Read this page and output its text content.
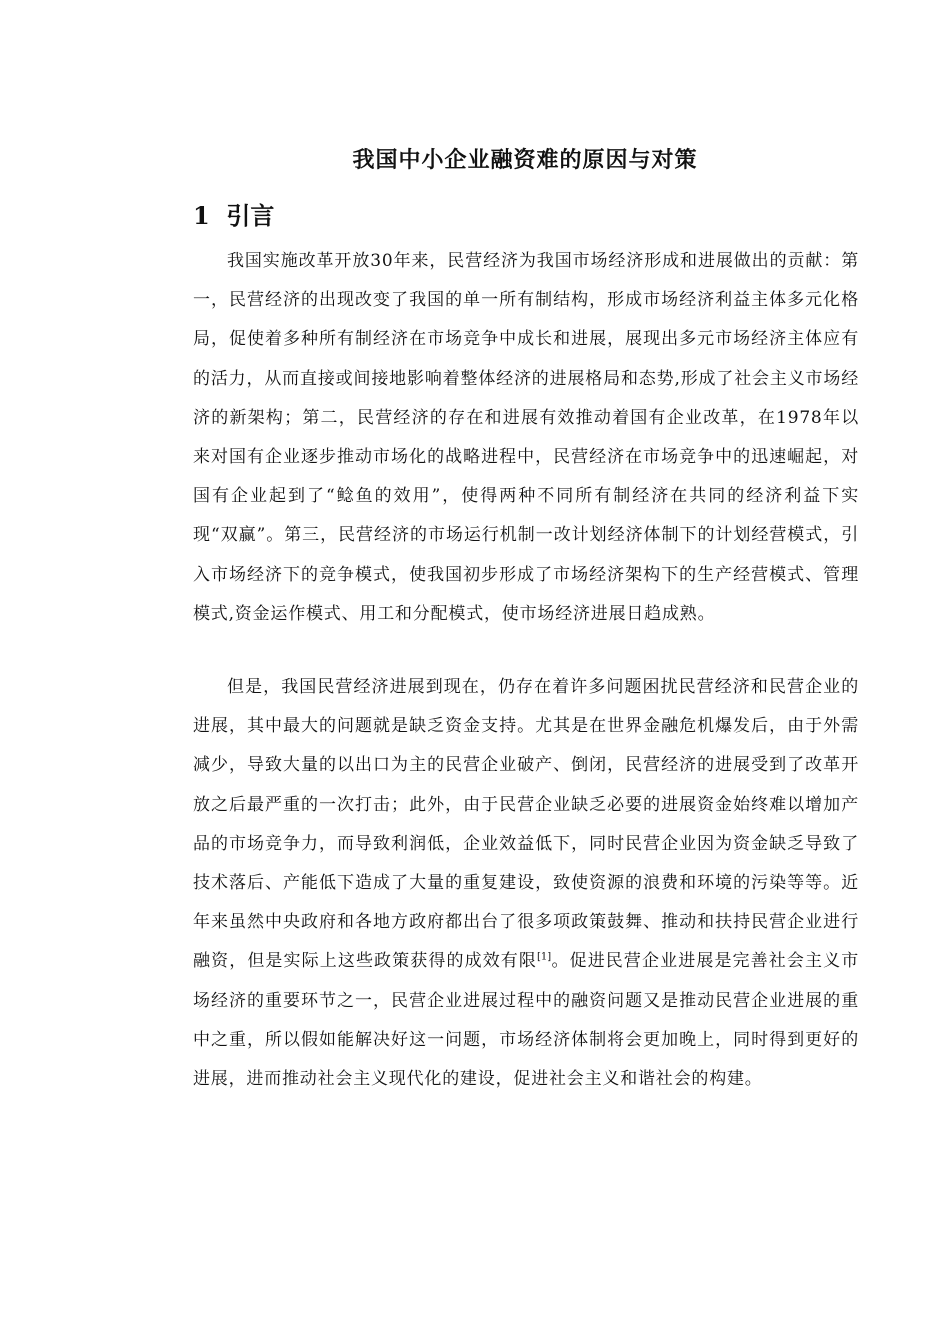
我国中小企业融资难的原因与对策
1  引言

我国实施改革开放30年来，民营经济为我国市场经济形成和进展做出的贡献：第一，民营经济的出现改变了我国的单一所有制结构，形成市场经济利益主体多元化格局，促使着多种所有制经济在市场竞争中成长和进展，展现出多元市场经济主体应有的活力，从而直接或间接地影响着整体经济的进展格局和态势,形成了社会主义市场经济的新架构；第二，民营经济的存在和进展有效推动着国有企业改革，在1978年以来对国有企业逐步推动市场化的战略进程中，民营经济在市场竞争中的迅速崛起，对国有企业起到了“鲶鱼的效用”，使得两种不同所有制经济在共同的经济利益下实现“双赢”。第三，民营经济的市场运行机制一改计划经济体制下的计划经营模式，引入市场经济下的竞争模式，使我国初步形成了市场经济架构下的生产经营模式、管理模式,资金运作模式、用工和分配模式，使市场经济进展日趋成熟。

但是，我国民营经济进展到现在，仍存在着许多问题困扰民营经济和民营企业的进展，其中最大的问题就是缺乏资金支持。尤其是在世界金融危机爆发后，由于外需减少，导致大量的以出口为主的民营企业破产、倒闭，民营经济的进展受到了改革开放之后最严重的一次打击；此外，由于民营企业缺乏必要的进展资金始终难以增加产品的市场竞争力，而导致利润低，企业效益低下，同时民营企业因为资金缺乏导致了技术落后、产能低下造成了大量的重复建设，致使资源的浪费和环境的污染等等。近年来虽然中央政府和各地方政府都出台了很多项政策鼓舞、推动和扶持民营企业进行融资，但是实际上这些政策获得的成效有限[1]。促进民营企业进展是完善社会主义市场经济的重要环节之一，民营企业进展过程中的融资问题又是推动民营企业进展的重中之重，所以假如能解决好这一问题，市场经济体制将会更加晚上，同时得到更好的进展，进而推动社会主义现代化的建设，促进社会主义和谐社会的构建。
